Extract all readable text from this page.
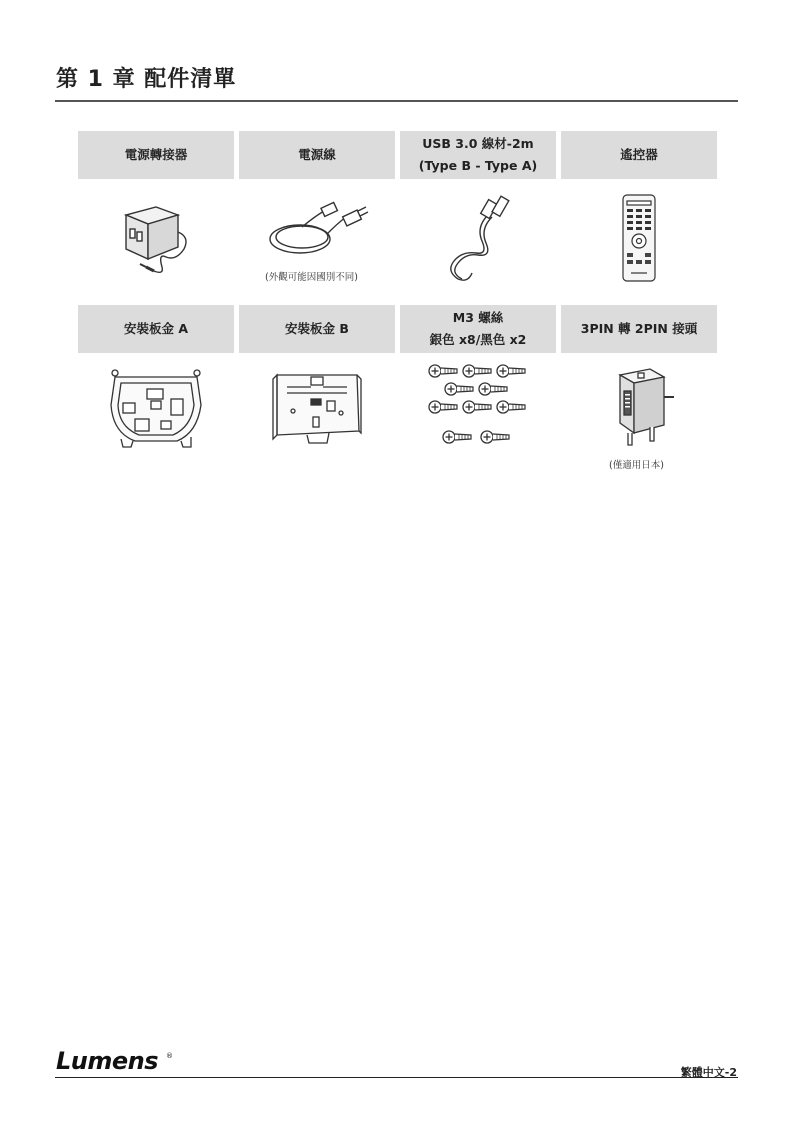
第 1 章 配件清單
電源轉接器	電源線
USB 3.0 線材-2m
(Type B - Type A)
遙控器
(外觀可能因國別不同)
安裝板金 A	安裝板金 B
M3 螺絲
銀色 x8/黑色 x2
3PIN 轉 2PIN 接頭
(僅適用日本)
Lumens ®
繁體中文-2
